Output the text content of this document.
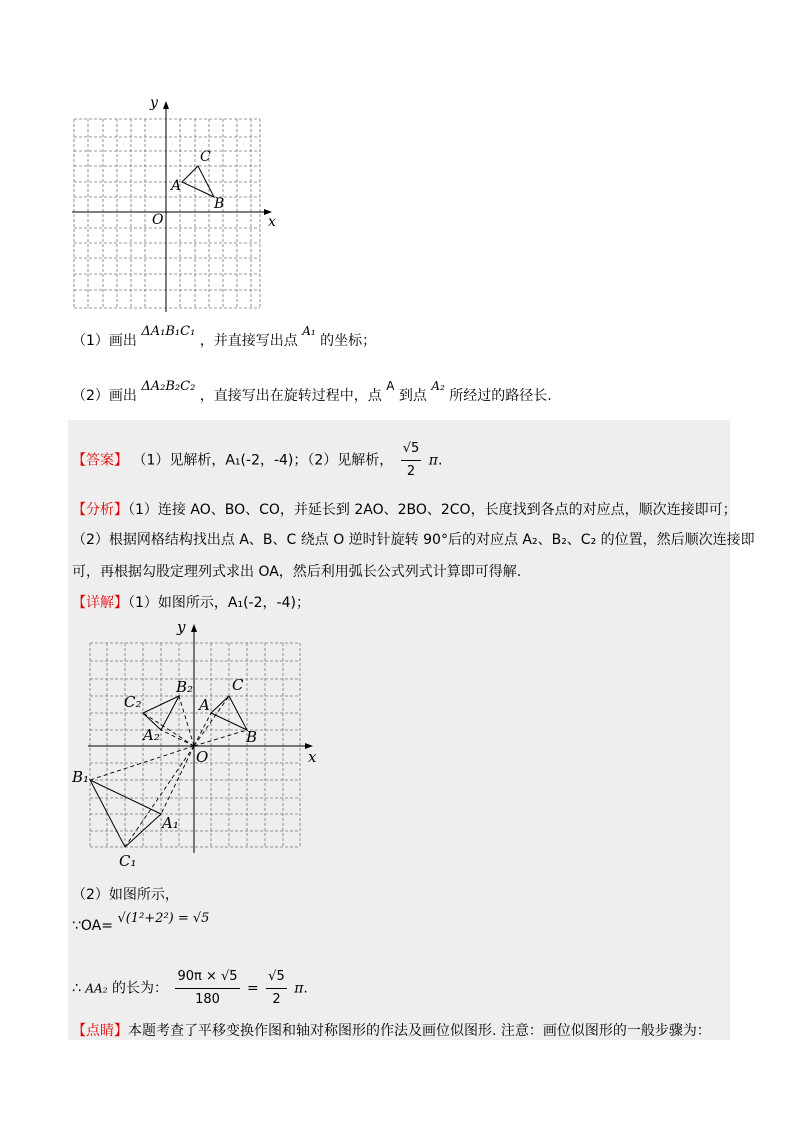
y
x
O
A
B
C
（1）画出 ΔA₁B₁C₁ ，并直接写出点 A₁ 的坐标；
（2）画出 ΔA₂B₂C₂ ，直接写出在旋转过程中，点 A 到点 A₂ 所经过的路径长.
【答案】 （1）见解析，A₁(-2，-4)；（2）见解析， $\frac{√5}{2} \pi$.
【分析】（1）连接 AO、BO、CO，并延长到 2AO、2BO、2CO，长度找到各点的对应点，顺次连接即可；
（2）根据网格结构找出点 A、B、C 绕点 O 逆时针旋转 90°后的对应点 A₂、B₂、C₂ 的位置，然后顺次连接即
可，再根据勾股定理列式求出 OA，然后利用弧长公式列式计算即可得解.
【详解】（1）如图所示，A₁(-2，-4)；
y
x
O
A
B
C
A₁
B₁
C₁
A₂
B₂
C₂
（2）如图所示，
∵OA= √(1²+2²) = √5
∴ AA₂ 的长为： $\frac{90\pi \times √5}{180} = \frac{√5}{2} \pi$.
【点睛】本题考查了平移变换作图和轴对称图形的作法及画位似图形. 注意：画位似图形的一般步骤为：
